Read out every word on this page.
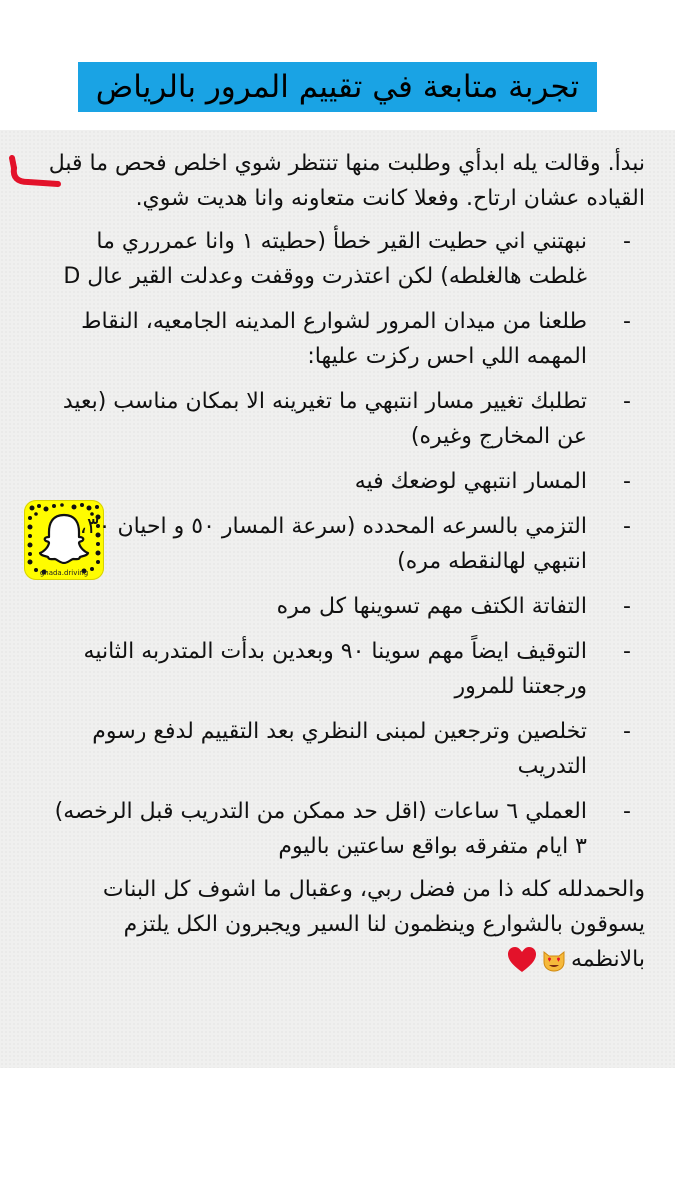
تجربة متابعة في تقييم المرور بالرياض
ghada.driving

نبدأ. وقالت يله ابدأي وطلبت منها تنتظر شوي اخلص فحص ما قبل القياده عشان ارتاح. وفعلا كانت متعاونه وانا هديت شوي.

-
نبهتني اني حطيت القير خطأ (حطيته ١ وانا عمررري ما غلطت هالغلطه) لكن اعتذرت ووقفت وعدلت القير عال D
-
طلعنا من ميدان المرور لشوارع المدينه الجامعيه، النقاط المهمه اللي احس ركزت عليها:
-
تطلبك تغيير مسار انتبهي ما تغيرينه الا بمكان مناسب (بعيد عن المخارج وغيره)
-
المسار انتبهي لوضعك فيه
-
التزمي بالسرعه المحدده (سرعة المسار ٥٠ و احيان ٣٠، انتبهي لهالنقطه مره)
-
التفاتة الكتف مهم تسوينها كل مره
-
التوقيف ايضاً مهم سوينا ٩٠ وبعدين بدأت المتدربه الثانيه ورجعتنا للمرور
-
تخلصين وترجعين لمبنى النظري بعد التقييم لدفع رسوم التدريب
-
العملي ٦ ساعات (اقل حد ممكن من التدريب قبل الرخصه) ٣ ايام متفرقه بواقع ساعتين باليوم

والحمدلله كله ذا من فضل ربي، وعقبال ما اشوف كل البنات يسوقون بالشوارع وينظمون لنا السير ويجبرون الكل يلتزم بالانظمه
